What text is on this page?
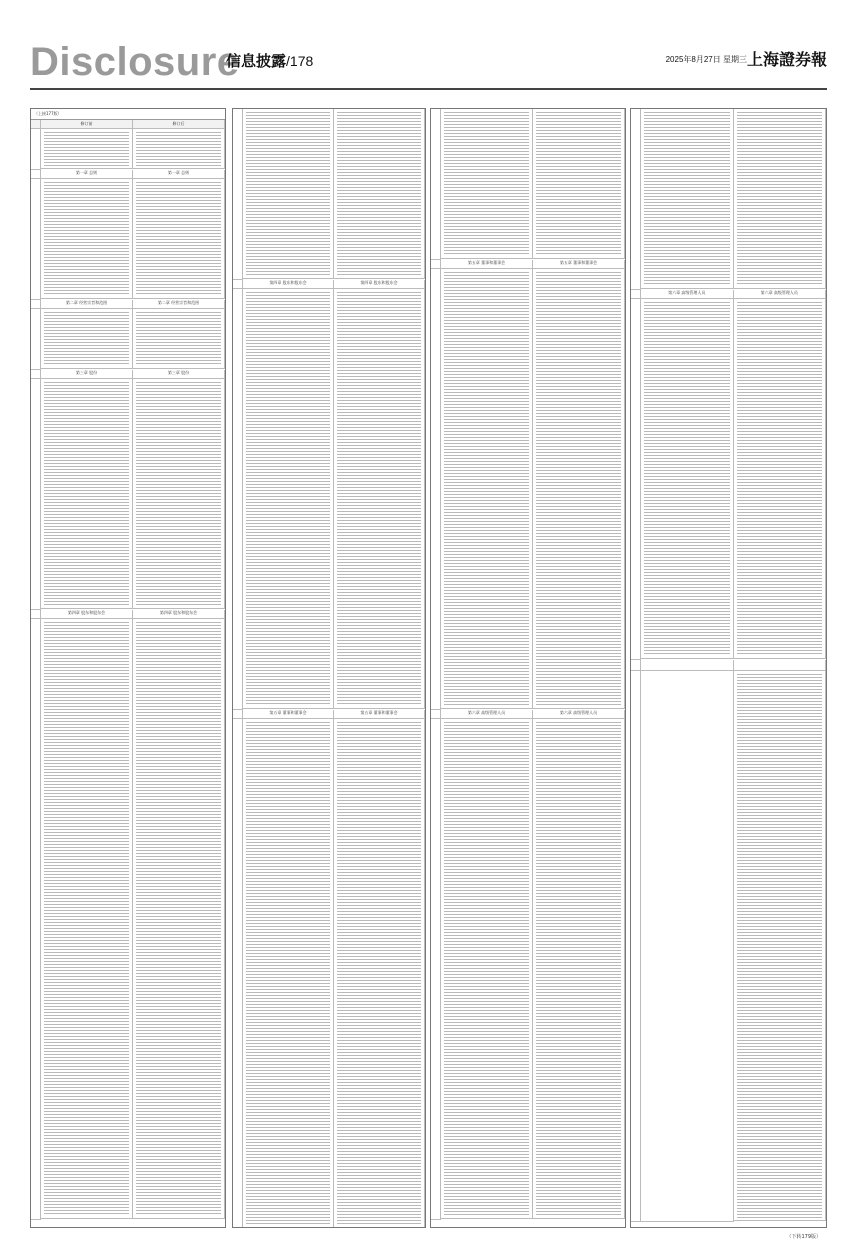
Disclosure
信息披露/178	2025年8月27日 星期三 上海證券報
（上接177版）
修订前	修订后
第一章 总则	第一章 总则
第二章 经营宗旨和范围	第二章 经营宗旨和范围
第三章 股份	第三章 股份
第四章 股东和股东会	第四章 股东和股东会
第四章 股东和股东会	第四章 股东和股东会
第五章 董事和董事会	第五章 董事和董事会
第五章 董事和董事会	第五章 董事和董事会
第六章 高级管理人员	第六章 高级管理人员
第六章 高级管理人员	第六章 高级管理人员
（下转179版）
